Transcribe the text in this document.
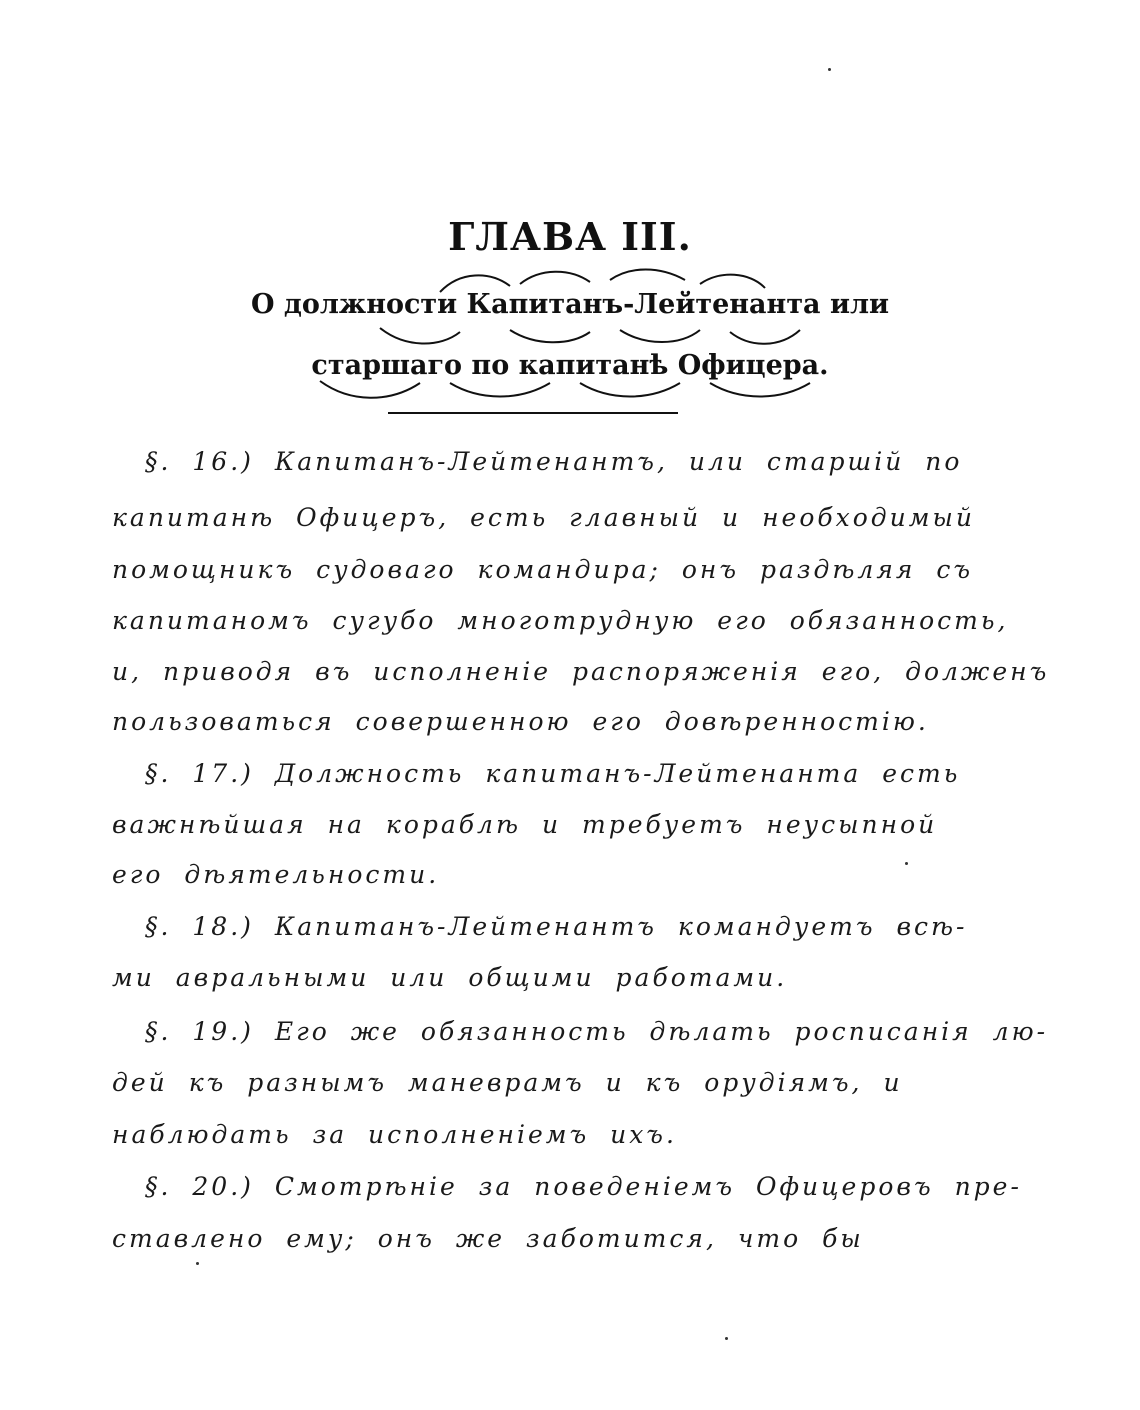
ГЛАВА III.
О должности Капитанъ-Лейтенанта или
старшаго по капитанѣ Офицера.
§. 16.) Капитанъ-Лейтенантъ, или старшій по
капитанѣ Офицеръ, есть главный и необходимый
помощникъ судоваго командира; онъ раздѣляя съ
капитаномъ сугубо многотрудную его обязанность,
и, приводя въ исполненіе распоряженія его, долженъ
пользоваться совершенною его довѣренностію.
§. 17.) Должность капитанъ-Лейтенанта есть
важнѣйшая на кораблѣ и требуетъ неусыпной
его дѣятельности.
§. 18.) Капитанъ-Лейтенантъ командуетъ всѣ-
ми авральными или общими работами.
§. 19.) Его же обязанность дѣлать росписанія лю-
дей къ разнымъ маневрамъ и къ орудіямъ, и
наблюдать за исполненіемъ ихъ.
§. 20.) Смотрѣніе за поведеніемъ Офицеровъ пре-
ставлено ему; онъ же заботится, что бы
